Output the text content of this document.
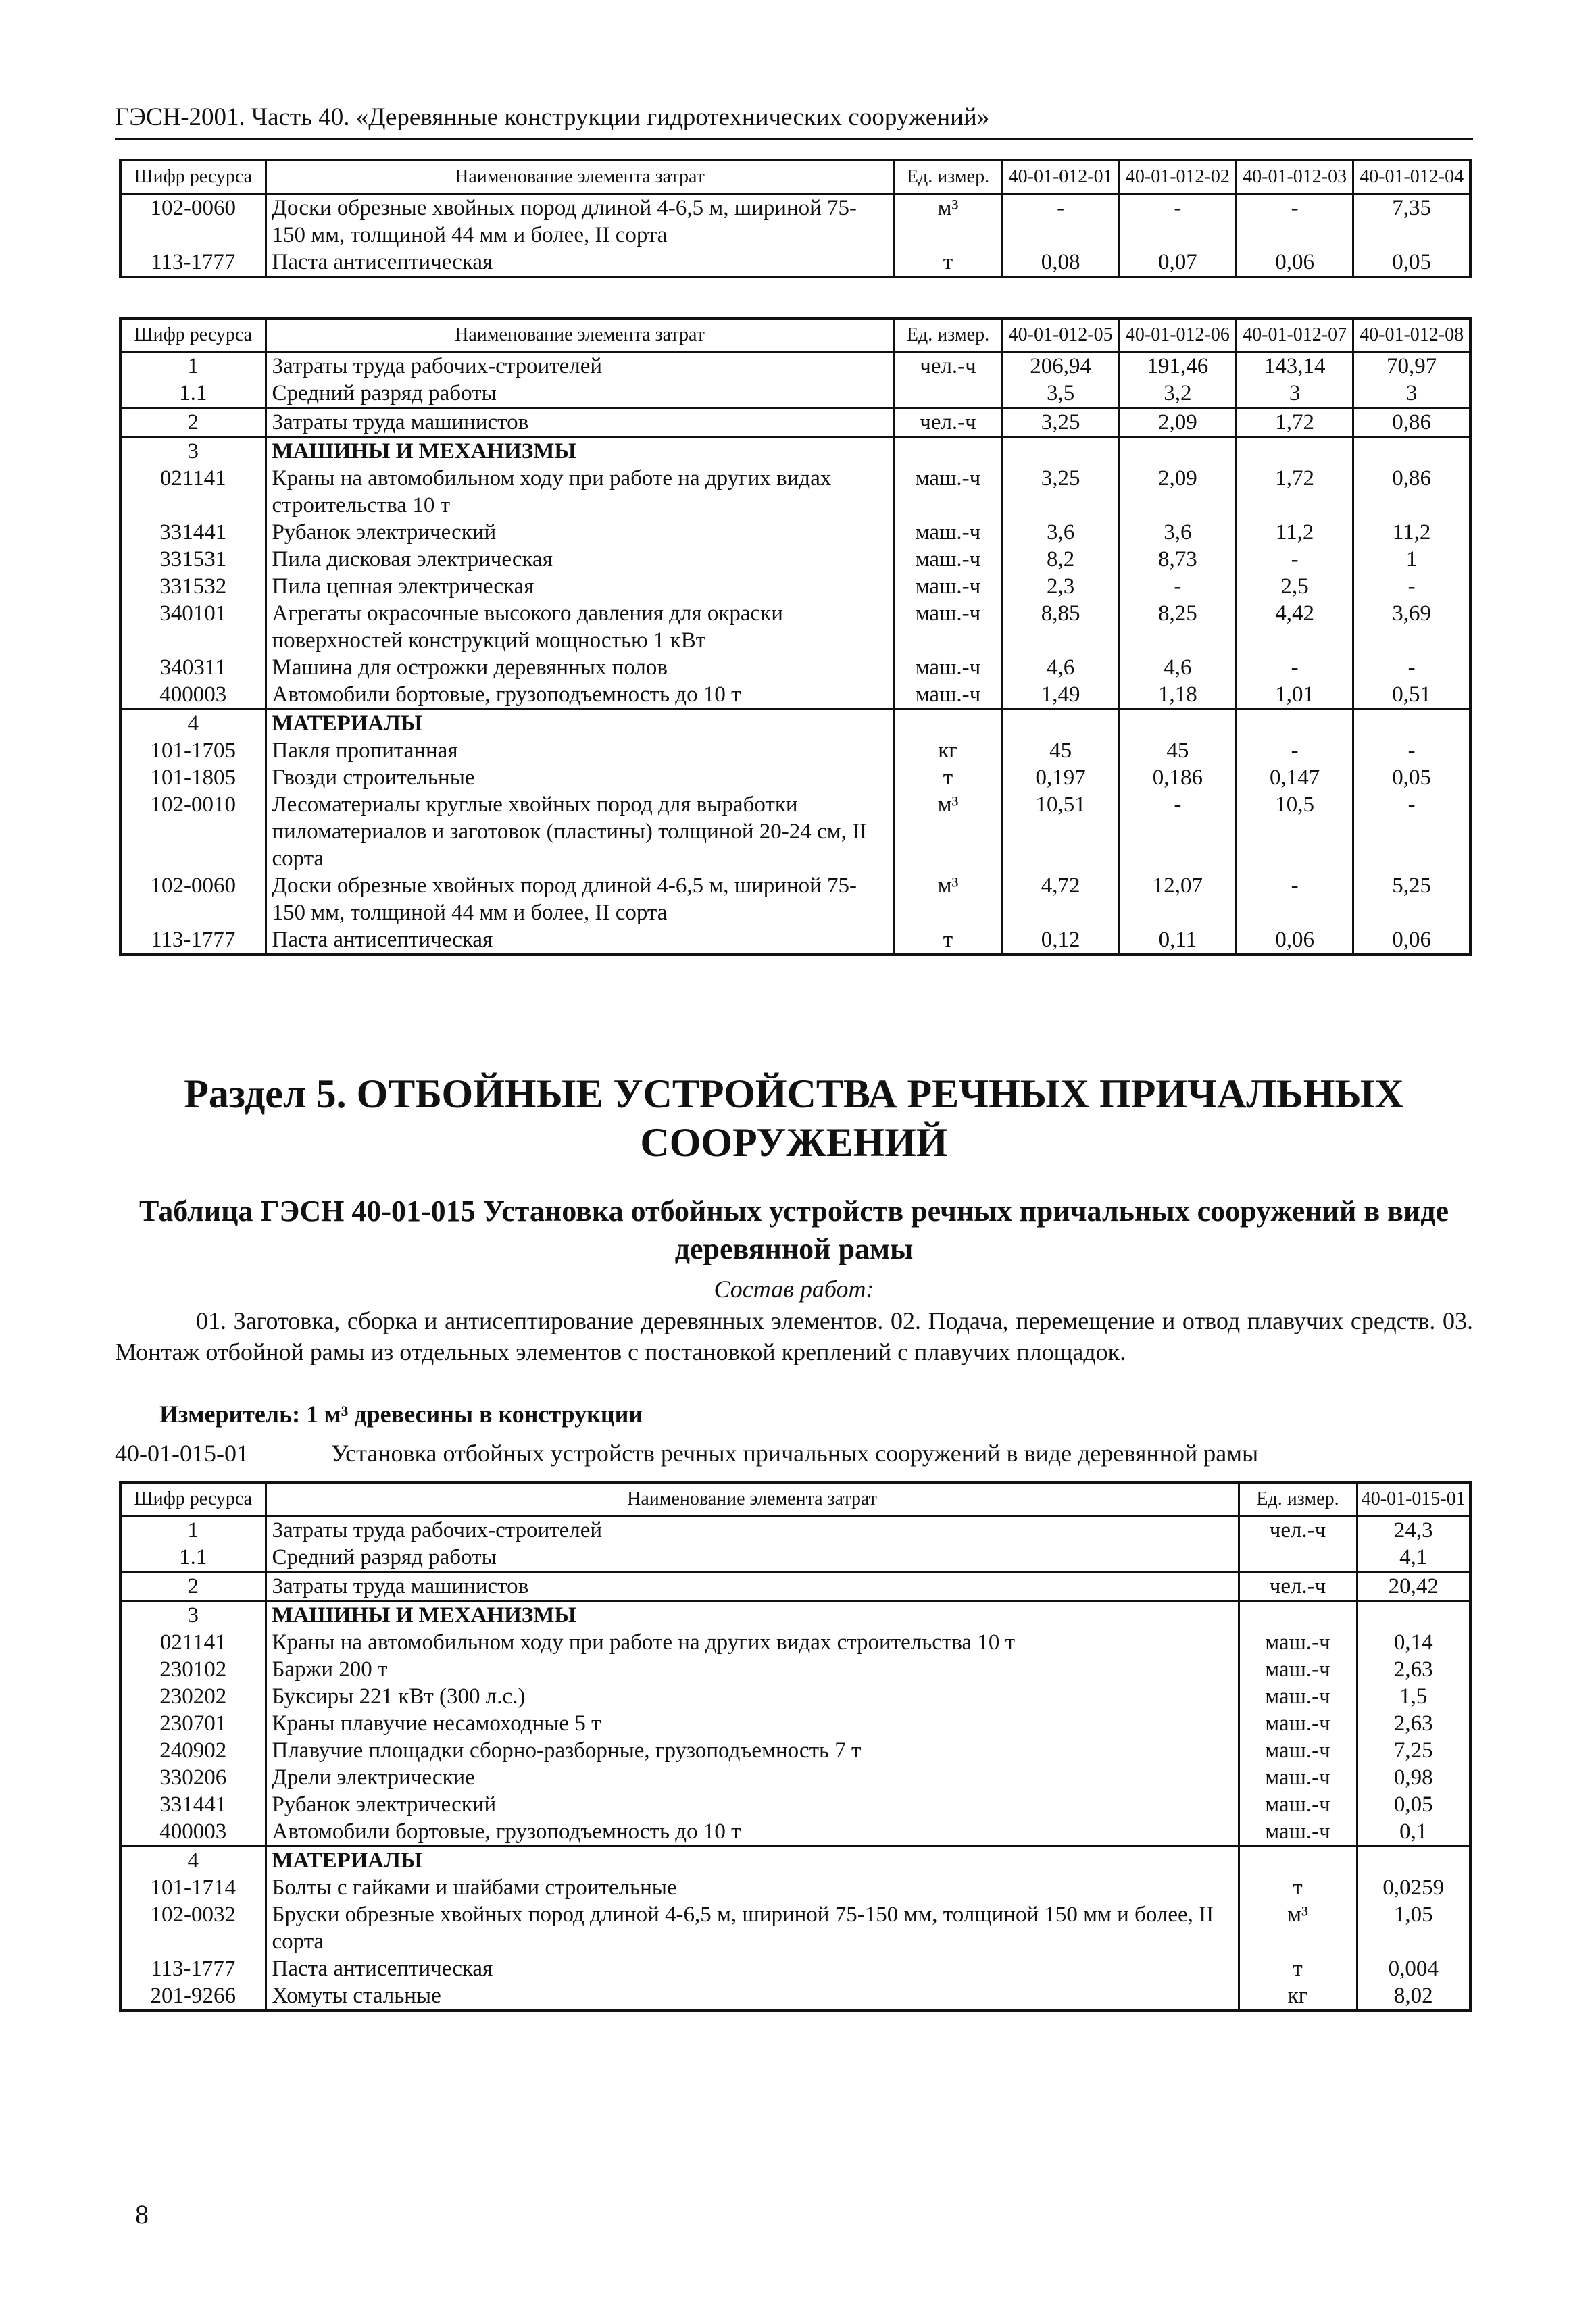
ГЭСН-2001. Часть 40. «Деревянные конструкции гидротехнических сооружений»
Шифр ресурса	Наименование элемента затрат	Ед. измер.	40-01-012-01	40-01-012-02	40-01-012-03	40-01-012-04
102-0060	Доски обрезные хвойных пород длиной 4-6,5 м, шириной 75-150 мм, толщиной 44 мм и более, II сорта	м³	-	-	-	7,35
113-1777	Паста антисептическая	т	0,08	0,07	0,06	0,05
Шифр ресурса	Наименование элемента затрат	Ед. измер.	40-01-012-05	40-01-012-06	40-01-012-07	40-01-012-08
1	Затраты труда рабочих-строителей	чел.-ч	206,94	191,46	143,14	70,97
1.1	Средний разряд работы		3,5	3,2	3	3
2	Затраты труда машинистов	чел.-ч	3,25	2,09	1,72	0,86
3	МАШИНЫ И МЕХАНИЗМЫ					
021141	Краны на автомобильном ходу при работе на других видах строительства 10 т	маш.-ч	3,25	2,09	1,72	0,86
331441	Рубанок электрический	маш.-ч	3,6	3,6	11,2	11,2
331531	Пила дисковая электрическая	маш.-ч	8,2	8,73	-	1
331532	Пила цепная электрическая	маш.-ч	2,3	-	2,5	-
340101	Агрегаты окрасочные высокого давления для окраски поверхностей конструкций мощностью 1 кВт	маш.-ч	8,85	8,25	4,42	3,69
340311	Машина для острожки деревянных полов	маш.-ч	4,6	4,6	-	-
400003	Автомобили бортовые, грузоподъемность до 10 т	маш.-ч	1,49	1,18	1,01	0,51
4	МАТЕРИАЛЫ					
101-1705	Пакля пропитанная	кг	45	45	-	-
101-1805	Гвозди строительные	т	0,197	0,186	0,147	0,05
102-0010	Лесоматериалы круглые хвойных пород для выработки пиломатериалов и заготовок (пластины) толщиной 20-24 см, II сорта	м³	10,51	-	10,5	-
102-0060	Доски обрезные хвойных пород длиной 4-6,5 м, шириной 75-150 мм, толщиной 44 мм и более, II сорта	м³	4,72	12,07	-	5,25
113-1777	Паста антисептическая	т	0,12	0,11	0,06	0,06
Раздел 5. ОТБОЙНЫЕ УСТРОЙСТВА РЕЧНЫХ ПРИЧАЛЬНЫХ СООРУЖЕНИЙ
Таблица ГЭСН 40-01-015 Установка отбойных устройств речных причальных сооружений в виде деревянной рамы
Состав работ:
01. Заготовка, сборка и антисептирование деревянных элементов. 02. Подача, перемещение и отвод плавучих средств. 03. Монтаж отбойной рамы из отдельных элементов с постановкой креплений с плавучих площадок.
Измеритель: 1 м³ древесины в конструкции
40-01-015-01	Установка отбойных устройств речных причальных сооружений в виде деревянной рамы
Шифр ресурса	Наименование элемента затрат	Ед. измер.	40-01-015-01
1	Затраты труда рабочих-строителей	чел.-ч	24,3
1.1	Средний разряд работы		4,1
2	Затраты труда машинистов	чел.-ч	20,42
3	МАШИНЫ И МЕХАНИЗМЫ		
021141	Краны на автомобильном ходу при работе на других видах строительства 10 т	маш.-ч	0,14
230102	Баржи 200 т	маш.-ч	2,63
230202	Буксиры 221 кВт (300 л.с.)	маш.-ч	1,5
230701	Краны плавучие несамоходные 5 т	маш.-ч	2,63
240902	Плавучие площадки сборно-разборные, грузоподъемность 7 т	маш.-ч	7,25
330206	Дрели электрические	маш.-ч	0,98
331441	Рубанок электрический	маш.-ч	0,05
400003	Автомобили бортовые, грузоподъемность до 10 т	маш.-ч	0,1
4	МАТЕРИАЛЫ		
101-1714	Болты с гайками и шайбами строительные	т	0,0259
102-0032	Бруски обрезные хвойных пород длиной 4-6,5 м, шириной 75-150 мм, толщиной 150 мм и более, II сорта	м³	1,05
113-1777	Паста антисептическая	т	0,004
201-9266	Хомуты стальные	кг	8,02
8
